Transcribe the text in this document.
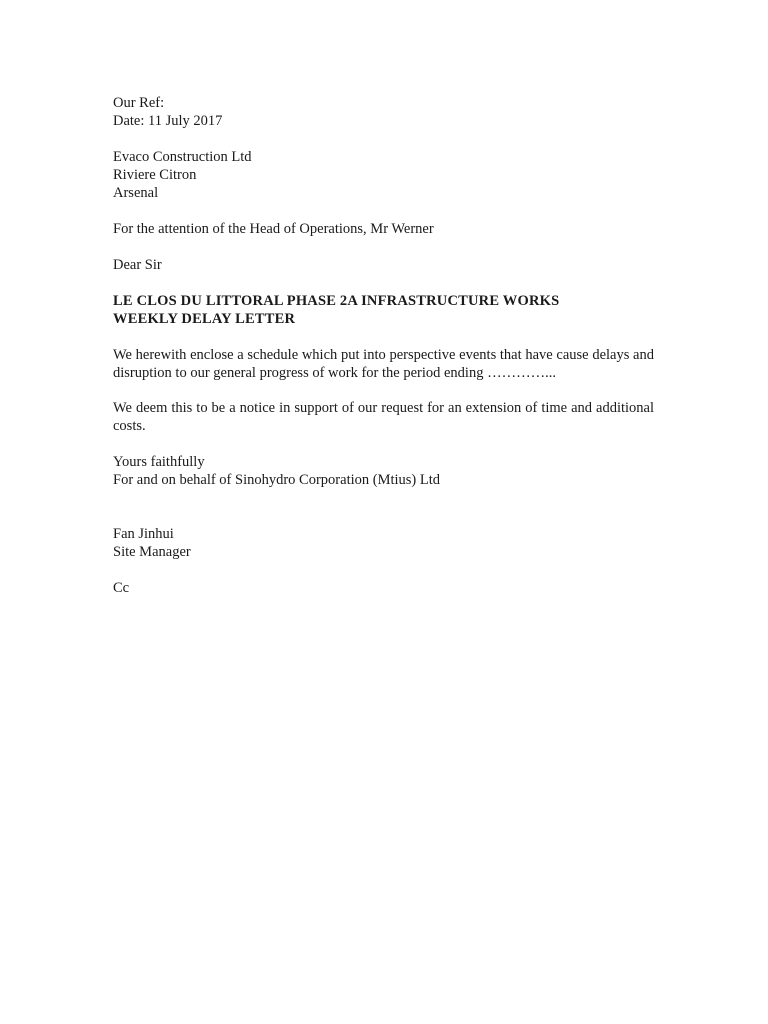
Our Ref:
Date: 11 July 2017
Evaco Construction Ltd
Riviere Citron
Arsenal
For the attention of the Head of Operations, Mr Werner
Dear Sir
LE CLOS DU LITTORAL PHASE 2A INFRASTRUCTURE WORKS
WEEKLY DELAY LETTER
We herewith enclose a schedule which put into perspective events that have cause delays and disruption to our general progress of work for the period ending …………...
We deem this to be a notice in support of our request for an extension of time and additional costs.
Yours faithfully
For and on behalf of Sinohydro Corporation (Mtius) Ltd
Fan Jinhui
Site Manager
Cc
